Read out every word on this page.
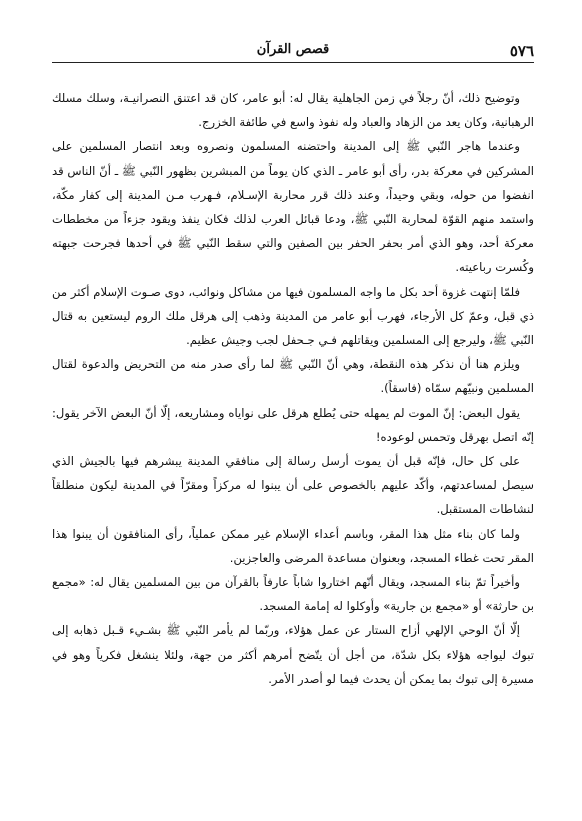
٥٧٦
قصص القرآن

وتوضيح ذلك، أنّ رجلاً في زمن الجاهلية يقال له: أبو عامر، كان قد اعتنق النصرانيـة، وسلك مسلك الرهبانية، وكان يعد من الزهاد والعباد وله نفوذ واسع في طائفة الخزرج.

وعندما هاجر النّبي ﷺ إلى المدينة واحتضنه المسلمون ونصروه وبعد انتصار المسلمين على المشركين في معركة بدر، رأى أبو عامر ـ الذي كان يوماً من المبشرين بظهور النّبي ﷺ ـ أنّ الناس قد انفضوا من حوله، وبقي وحيداً، وعند ذلك قرر محاربة الإسـلام، فـهرب مـن المدينة إلى كفار مكّة، واستمد منهم القوّة لمحاربة النّبي ﷺ، ودعا قبائل العرب لذلك فكان ينفذ ويقود جزءاً من مخططات معركة أحد، وهو الذي أمر بحفر الحفر بين الصفين والتي سقط النّبي ﷺ في أحدها فجرحت جبهته وكُسرت رباعيته.

فلمّا إنتهت غزوة أحد بكل ما واجه المسلمون فيها من مشاكل ونوائب، دوى صـوت الإسلام أكثر من ذي قبل، وعمّ كل الأرجاء، فهرب أبو عامر من المدينة وذهب إلى هرقل ملك الروم ليستعين به قتال النّبي ﷺ، وليرجع إلى المسلمين ويقاتلهم فـي جـحفل لجب وجيش عظيم.

ويلزم هنا أن نذكر هذه النقطة، وهي أنّ النّبي ﷺ لما رأى صدر منه من التحريض والدعوة لقتال المسلمين ونبيّهم سمّاه (فاسقاً).

يقول البعض: إنّ الموت لم يمهله حتى يُطلع هرقل على نواياه ومشاريعه، إلّا أنّ البعض الآخر يقول: إنّه اتصل بهرقل وتحمس لوعوده!

على كل حال، فإنّه قبل أن يموت أرسل رسالة إلى منافقي المدينة يبشرهم فيها بالجيش الذي سيصل لمساعدتهم، وأكّد عليهم بالخصوص على أن يبنوا له مركزاً ومقرّاً في المدينة ليكون منطلقاً لنشاطات المستقبل.

ولما كان بناء مثل هذا المقر، وباسم أعداء الإسلام غير ممكن عملياً، رأى المنافقون أن يبنوا هذا المقر تحت غطاء المسجد، وبعنوان مساعدة المرضى والعاجزين.

وأخيراً تمّ بناء المسجد، ويقال أنّهم اختاروا شاباً عارفاً بالقرآن من بين المسلمين يقال له: «مجمع بن حارثة» أو «مجمع بن جارية» وأوكلوا له إمامة المسجد.

إلّا أنّ الوحي الإلهي أزاح الستار عن عمل هؤلاء، وربّما لم يأمر النّبي ﷺ بشـيء قـبل ذهابه إلى تبوك ليواجه هؤلاء بكل شدّة، من أجل أن يتّضح أمرهم أكثر من جهة، ولئلا ينشغل فكرياً وهو في مسيرة إلى تبوك بما يمكن أن يحدث فيما لو أصدر الأمر.
